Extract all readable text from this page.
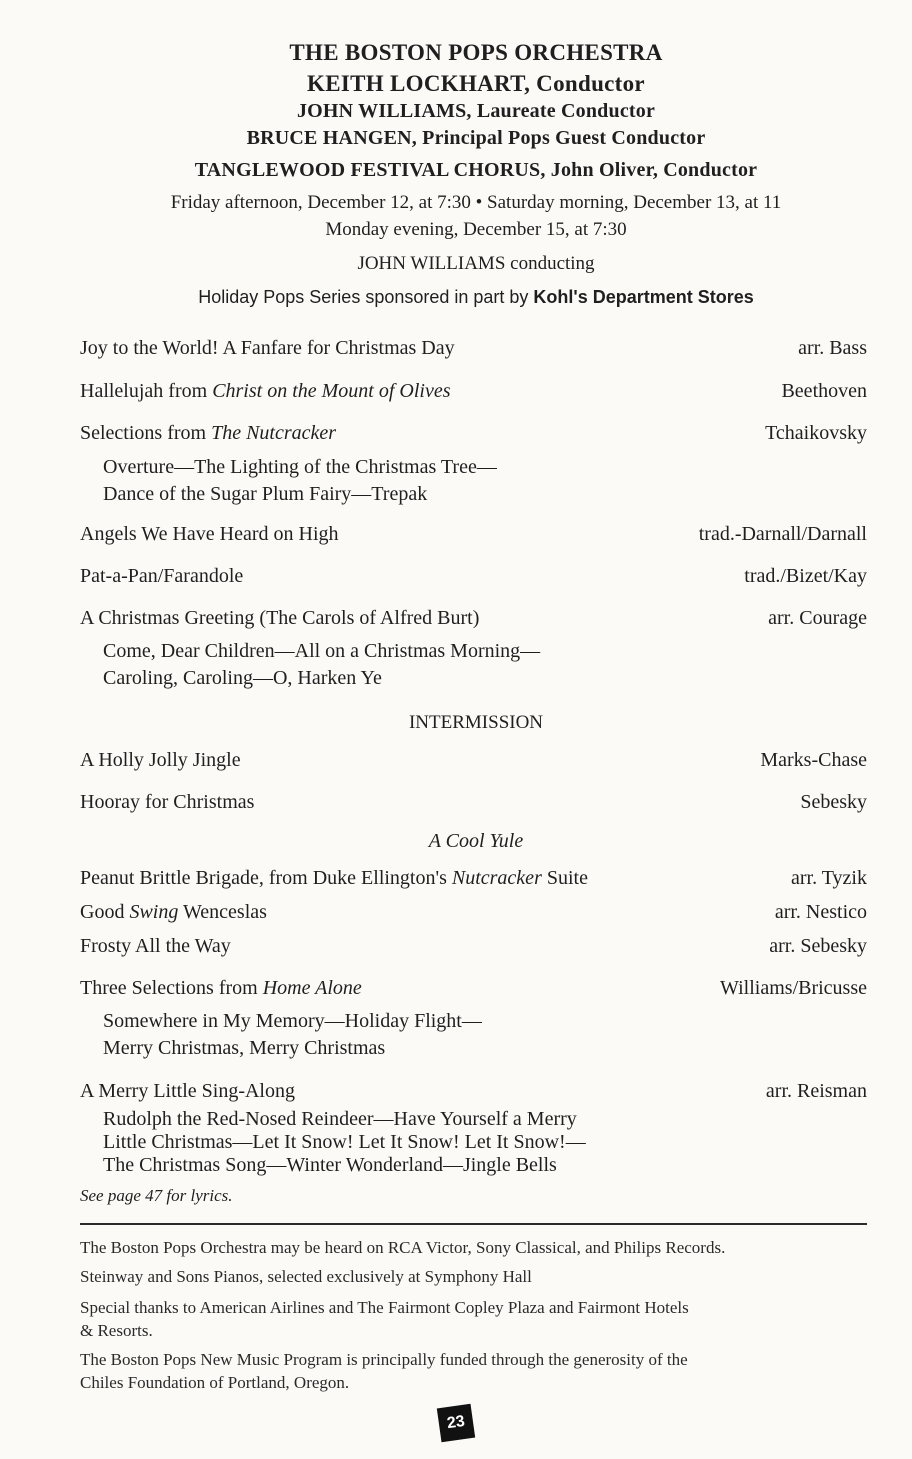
THE BOSTON POPS ORCHESTRA
KEITH LOCKHART, Conductor
JOHN WILLIAMS, Laureate Conductor
BRUCE HANGEN, Principal Pops Guest Conductor
TANGLEWOOD FESTIVAL CHORUS, John Oliver, Conductor
Friday afternoon, December 12, at 7:30 • Saturday morning, December 13, at 11
Monday evening, December 15, at 7:30
JOHN WILLIAMS conducting
Holiday Pops Series sponsored in part by Kohl's Department Stores
Joy to the World! A Fanfare for Christmas Day	arr. Bass
Hallelujah from Christ on the Mount of Olives	Beethoven
Selections from The Nutcracker	Tchaikovsky
Overture—The Lighting of the Christmas Tree—
Dance of the Sugar Plum Fairy—Trepak
Angels We Have Heard on High	trad.-Darnall/Darnall
Pat-a-Pan/Farandole	trad./Bizet/Kay
A Christmas Greeting (The Carols of Alfred Burt)	arr. Courage
Come, Dear Children—All on a Christmas Morning—
Caroling, Caroling—O, Harken Ye
INTERMISSION
A Holly Jolly Jingle	Marks-Chase
Hooray for Christmas	Sebesky
A Cool Yule
Peanut Brittle Brigade, from Duke Ellington's Nutcracker Suite	arr. Tyzik
Good Swing Wenceslas	arr. Nestico
Frosty All the Way	arr. Sebesky
Three Selections from Home Alone	Williams/Bricusse
Somewhere in My Memory—Holiday Flight—
Merry Christmas, Merry Christmas
A Merry Little Sing-Along	arr. Reisman
Rudolph the Red-Nosed Reindeer—Have Yourself a Merry
Little Christmas—Let It Snow! Let It Snow! Let It Snow!—
The Christmas Song—Winter Wonderland—Jingle Bells
See page 47 for lyrics.
The Boston Pops Orchestra may be heard on RCA Victor, Sony Classical, and Philips Records.
Steinway and Sons Pianos, selected exclusively at Symphony Hall
Special thanks to American Airlines and The Fairmont Copley Plaza and Fairmont Hotels
& Resorts.
The Boston Pops New Music Program is principally funded through the generosity of the
Chiles Foundation of Portland, Oregon.
23
